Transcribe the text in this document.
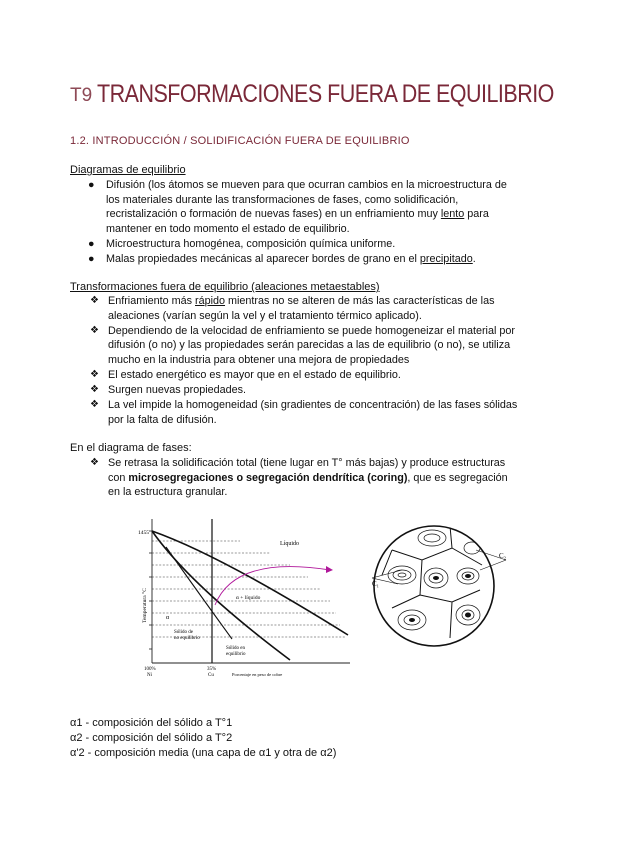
T9 TRANSFORMACIONES FUERA DE EQUILIBRIO
1.2. INTRODUCCIÓN / SOLIDIFICACIÓN FUERA DE EQUILIBRIO
Diagramas de equilibrio
● Difusión (los átomos se mueven para que ocurran cambios en la microestructura de los materiales durante las transformaciones de fases, como solidificación, recristalización o formación de nuevas fases) en un enfriamiento muy lento para mantener en todo momento el estado de equilibrio.
● Microestructura homogénea, composición química uniforme.
● Malas propiedades mecánicas al aparecer bordes de grano en el precipitado.
Transformaciones fuera de equilibrio (aleaciones metaestables)
❖ Enfriamiento más rápido mientras no se alteren de más las características de las aleaciones (varían según la vel y el tratamiento térmico aplicado).
❖ Dependiendo de la velocidad de enfriamiento se puede homogeneizar el material por difusión (o no) y las propiedades serán parecidas a las de equilibrio (o no), se utiliza mucho en la industria para obtener una mejora de propiedades
❖ El estado energético es mayor que en el estado de equilibrio.
❖ Surgen nuevas propiedades.
❖ La vel impide la homogeneidad (sin gradientes de concentración) de las fases sólidas por la falta de difusión.
En el diagrama de fases:
❖ Se retrasa la solidificación total (tiene lugar en T° más bajas) y produce estructuras con microsegregaciones o segregación dendrítica (coring), que es segregación en la estructura granular.
1455
Temperatura °C
Líquido
α + líquido
α
Sólido de
no equilibrio
Sólido en
equilibrio
100%
Ni
35%
Cu	Porcentaje en peso de cobre
C₁
C₂
α1 - composición del sólido a T°1
α2 - composición del sólido a T°2
α'2 - composición media (una capa de α1 y otra de α2)
